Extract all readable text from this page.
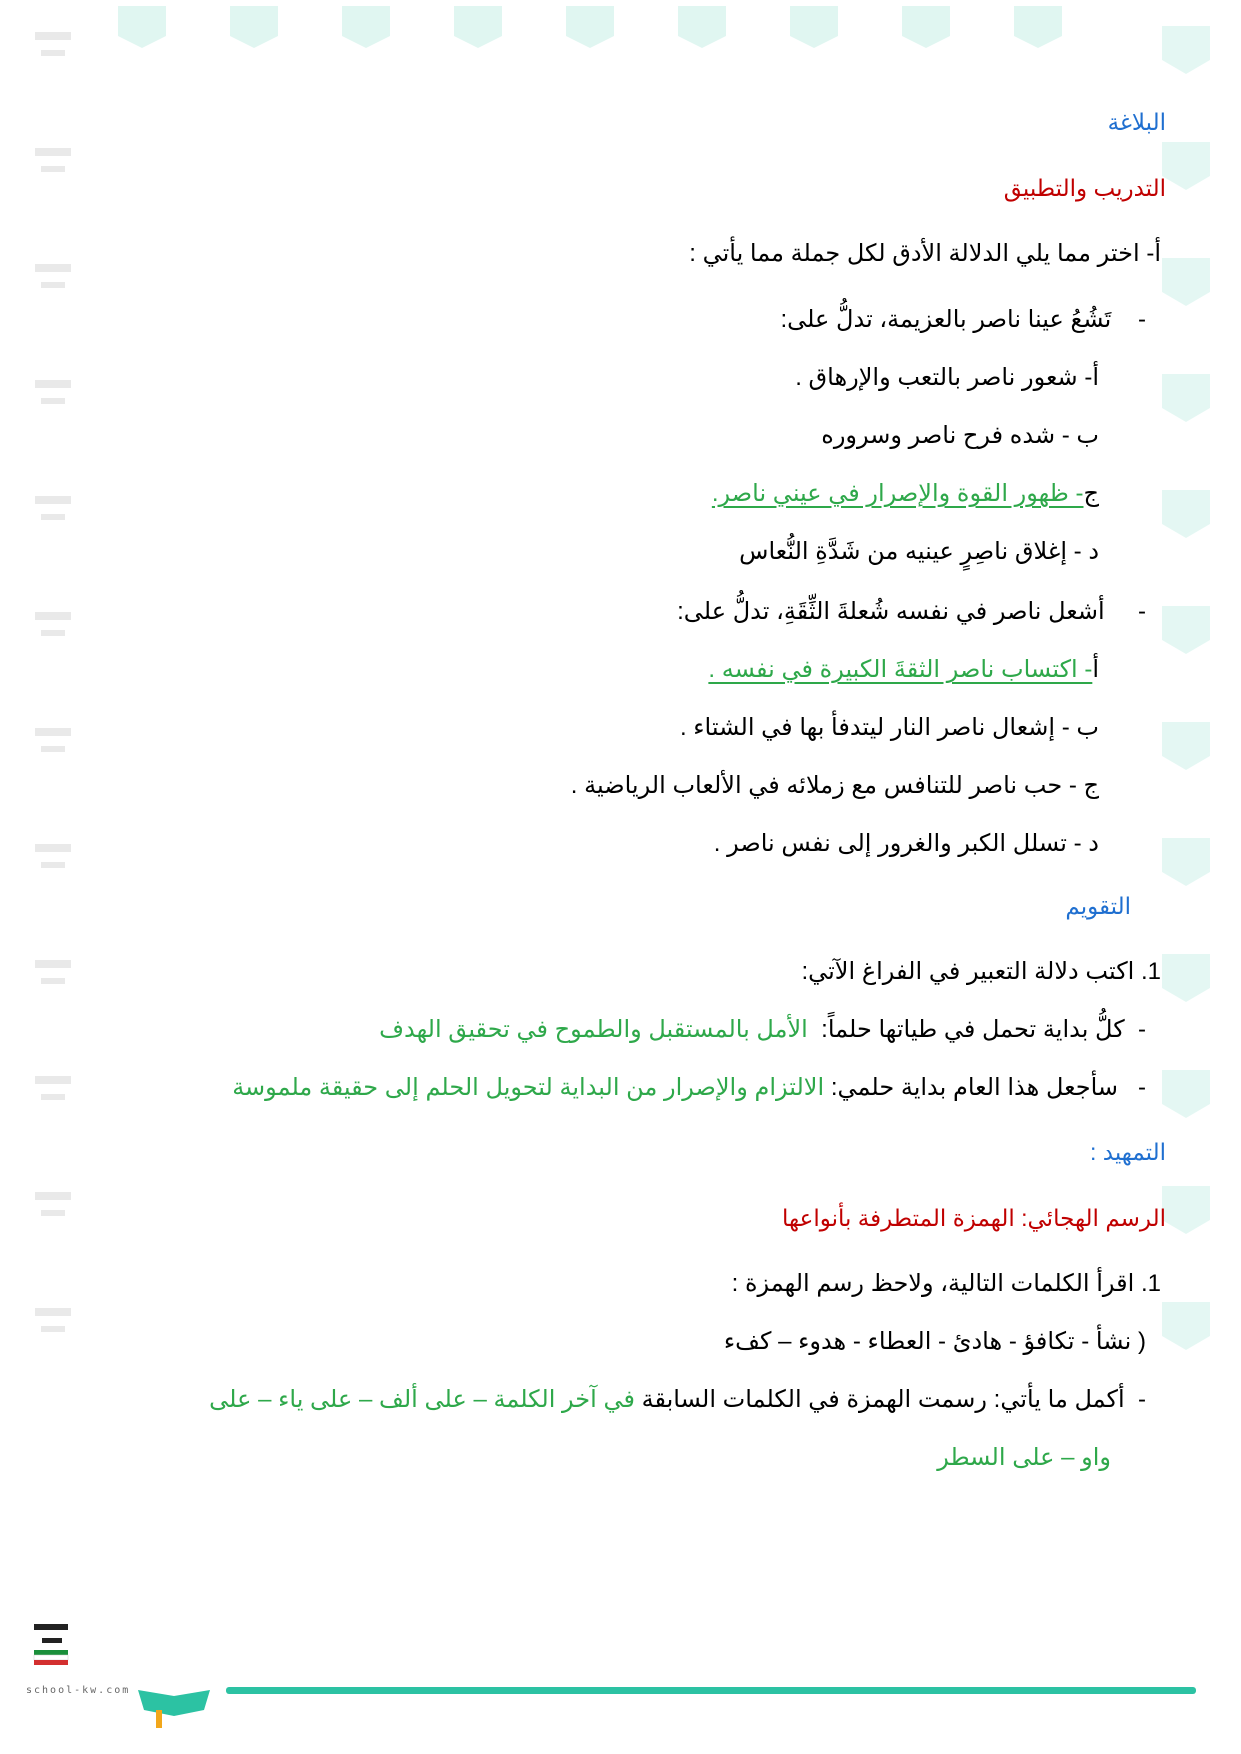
البلاغة
التدريب والتطبيق
أ- اختر مما يلي الدلالة الأدق لكل جملة مما يأتي :
-    تَشُعُ عينا ناصر بالعزيمة، تدلُّ على:
أ- شعور ناصر بالتعب والإرهاق .
ب - شده فرح ناصر وسروره
ج- ظهور القوة والإصرار في عيني ناصر.
د - إغلاق ناصِرٍ عينيه من شَدَّةِ النُّعاس
-     أشعل ناصر في نفسه شُعلةَ الثِّقَةِ، تدلُّ على:
أ- اكتساب ناصر الثقةَ الكبيرة في نفسه .
ب - إشعال ناصر النار ليتدفأ بها في الشتاء .
ج - حب ناصر للتنافس مع زملائه في الألعاب الرياضية .
د - تسلل الكبر والغرور إلى نفس ناصر .
التقويم
1. اكتب دلالة التعبير في الفراغ الآتي:
-  كلُّ بداية تحمل في طياتها حلماً:  الأمل بالمستقبل والطموح في تحقيق الهدف
-   سأجعل هذا العام بداية حلمي: الالتزام والإصرار من البداية لتحويل الحلم إلى حقيقة ملموسة
التمهيد :
الرسم الهجائي: الهمزة المتطرفة بأنواعها
1. اقرأ الكلمات التالية، ولاحظ رسم الهمزة :
( نشأ - تكافؤ - هادئ - العطاء - هدوء – كفء
-  أكمل ما يأتي: رسمت الهمزة في الكلمات السابقة في آخر الكلمة – على ألف – على ياء – على
واو – على السطر
school-kw.com
